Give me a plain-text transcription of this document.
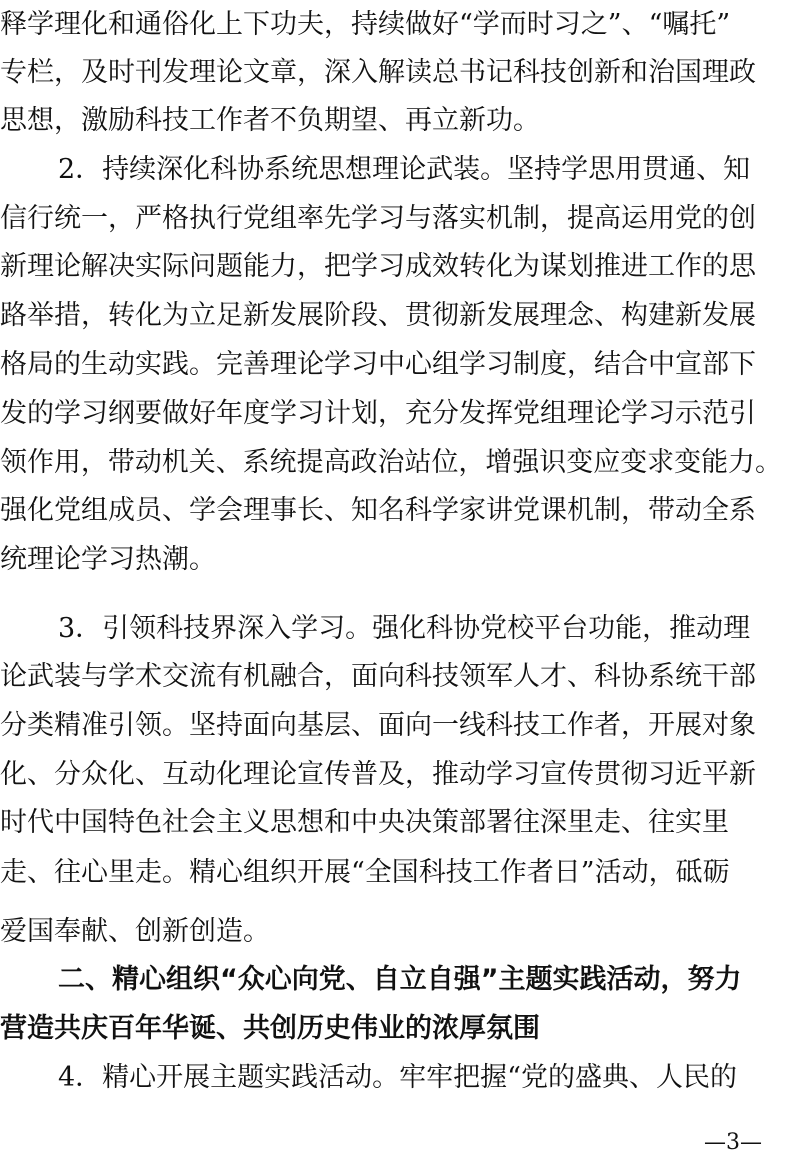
释学理化和通俗化上下功夫，持续做好“学而时习之”、“嘱托”
专栏，及时刊发理论文章，深入解读总书记科技创新和治国理政
思想，激励科技工作者不负期望、再立新功。
2．持续深化科协系统思想理论武装。坚持学思用贯通、知
信行统一，严格执行党组率先学习与落实机制，提高运用党的创
新理论解决实际问题能力，把学习成效转化为谋划推进工作的思
路举措，转化为立足新发展阶段、贯彻新发展理念、构建新发展
格局的生动实践。完善理论学习中心组学习制度，结合中宣部下
发的学习纲要做好年度学习计划，充分发挥党组理论学习示范引
领作用，带动机关、系统提高政治站位，增强识变应变求变能力。
强化党组成员、学会理事长、知名科学家讲党课机制，带动全系
统理论学习热潮。
3．引领科技界深入学习。强化科协党校平台功能，推动理
论武装与学术交流有机融合，面向科技领军人才、科协系统干部
分类精准引领。坚持面向基层、面向一线科技工作者，开展对象
化、分众化、互动化理论宣传普及，推动学习宣传贯彻习近平新
时代中国特色社会主义思想和中央决策部署往深里走、往实里
走、往心里走。精心组织开展“全国科技工作者日”活动，砥砺
爱国奉献、创新创造。
二、精心组织“众心向党、自立自强”主题实践活动，努力
营造共庆百年华诞、共创历史伟业的浓厚氛围
4．精心开展主题实践活动。牢牢把握“党的盛典、人民的
—3—
